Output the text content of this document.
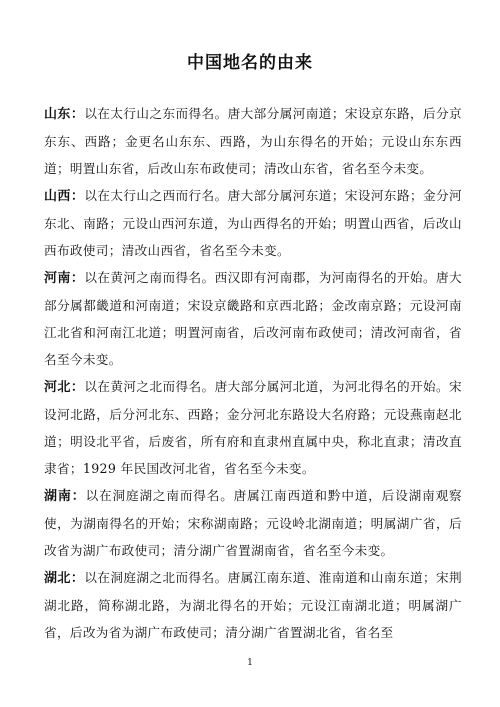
中国地名的由来

山东：以在太行山之东而得名。唐大部分属河南道；宋设京东路，后分京东东、西路；金更名山东东、西路，为山东得名的开始；元设山东东西道；明置山东省，后改山东布政使司；清改山东省，省名至今未变。

山西：以在太行山之西而行名。唐大部分属河东道；宋设河东路；金分河东北、南路；元设山西河东道，为山西得名的开始；明置山西省，后改山西布政使司；清改山西省，省名至今未变。

河南：以在黄河之南而得名。西汉即有河南郡，为河南得名的开始。唐大部分属都畿道和河南道；宋设京畿路和京西北路；金改南京路；元设河南江北省和河南江北道；明置河南省，后改河南布政使司；清改河南省，省名至今未变。

河北：以在黄河之北而得名。唐大部分属河北道，为河北得名的开始。宋设河北路，后分河北东、西路；金分河北东路设大名府路；元设燕南赵北道；明设北平省，后废省，所有府和直隶州直属中央，称北直隶；清改直隶省；1929 年民国改河北省，省名至今未变。

湖南：以在洞庭湖之南而得名。唐属江南西道和黔中道，后设湖南观察使，为湖南得名的开始；宋称湖南路；元设岭北湖南道；明属湖广省，后改省为湖广布政使司；清分湖广省置湖南省，省名至今未变。

湖北：以在洞庭湖之北而得名。唐属江南东道、淮南道和山南东道；宋荆湖北路，简称湖北路，为湖北得名的开始；元设江南湖北道；明属湖广省，后改为省为湖广布政使司；清分湖广省置湖北省，省名至

1
